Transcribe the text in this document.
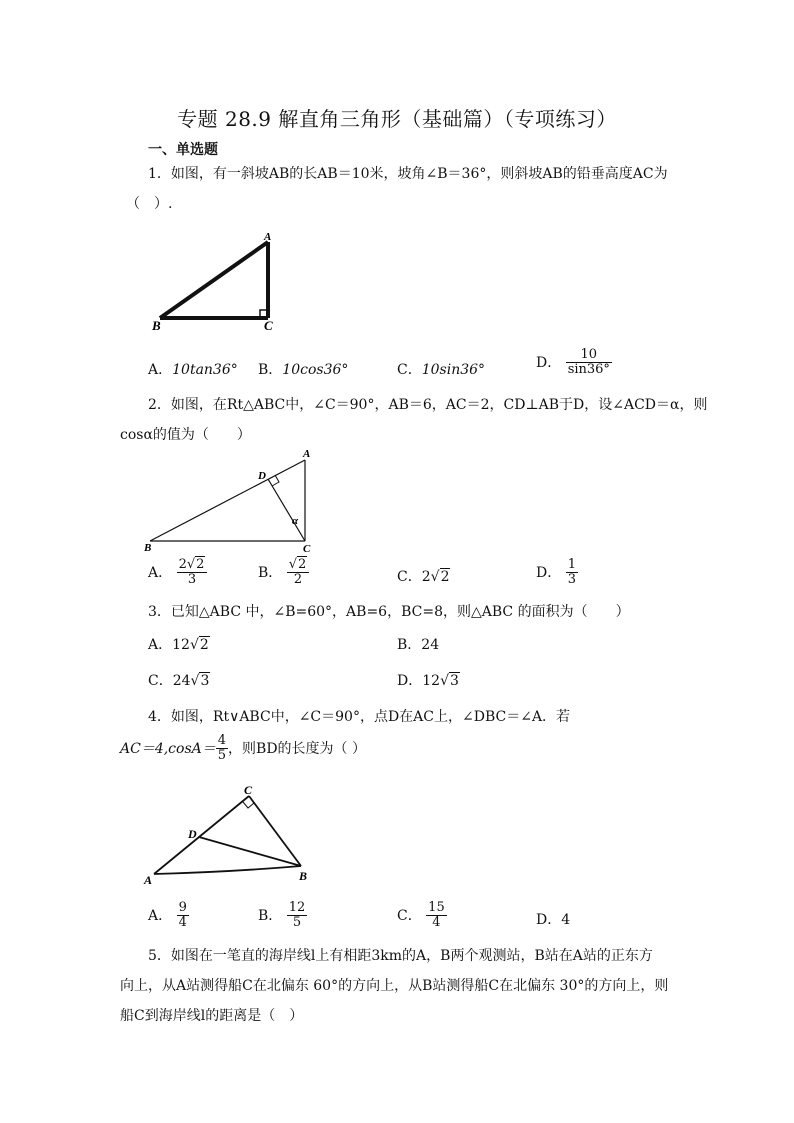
专题 28.9 解直角三角形（基础篇）（专项练习）
一、单选题
1．如图，有一斜坡AB的长AB＝10米，坡角∠B＝36°，则斜坡AB的铅垂高度AC为
（　）.
A
B	C
A．10tan36° B．10cos36°	C．10sin36°	D． $\frac{10}{\sin 36^\circ}$
2．如图，在Rt△ABC中，∠C＝90°，AB＝6，AC＝2，CD⊥AB于D，设∠ACD＝α，则
cosα的值为（　　）
A
B	C
D
α
A． $\frac{2√2}{3}$	B． $\frac{√2}{2}$	C．2√2	D． $\frac{1}{3}$
3．已知△ABC 中，∠B=60°，AB=6，BC=8，则△ABC 的面积为（　　）
A．12√2	B．24
C．24√3	D．12√3
4．如图，Rt∨ABC中，∠C＝90°，点D在AC上，∠DBC＝∠A．若
$AC=4,\cos A= \frac{4}{5}$ ，则BD的长度为（ ）
A	B
C
D
A． $\frac{9}{4}$	B． $\frac{12}{5}$	C． $\frac{15}{4}$	D．4
5．如图在一笔直的海岸线l上有相距3km的A，B两个观测站，B站在A站的正东方
向上，从A站测得船C在北偏东 60°的方向上，从B站测得船C在北偏东 30°的方向上，则
船C到海岸线l的距离是（　）
